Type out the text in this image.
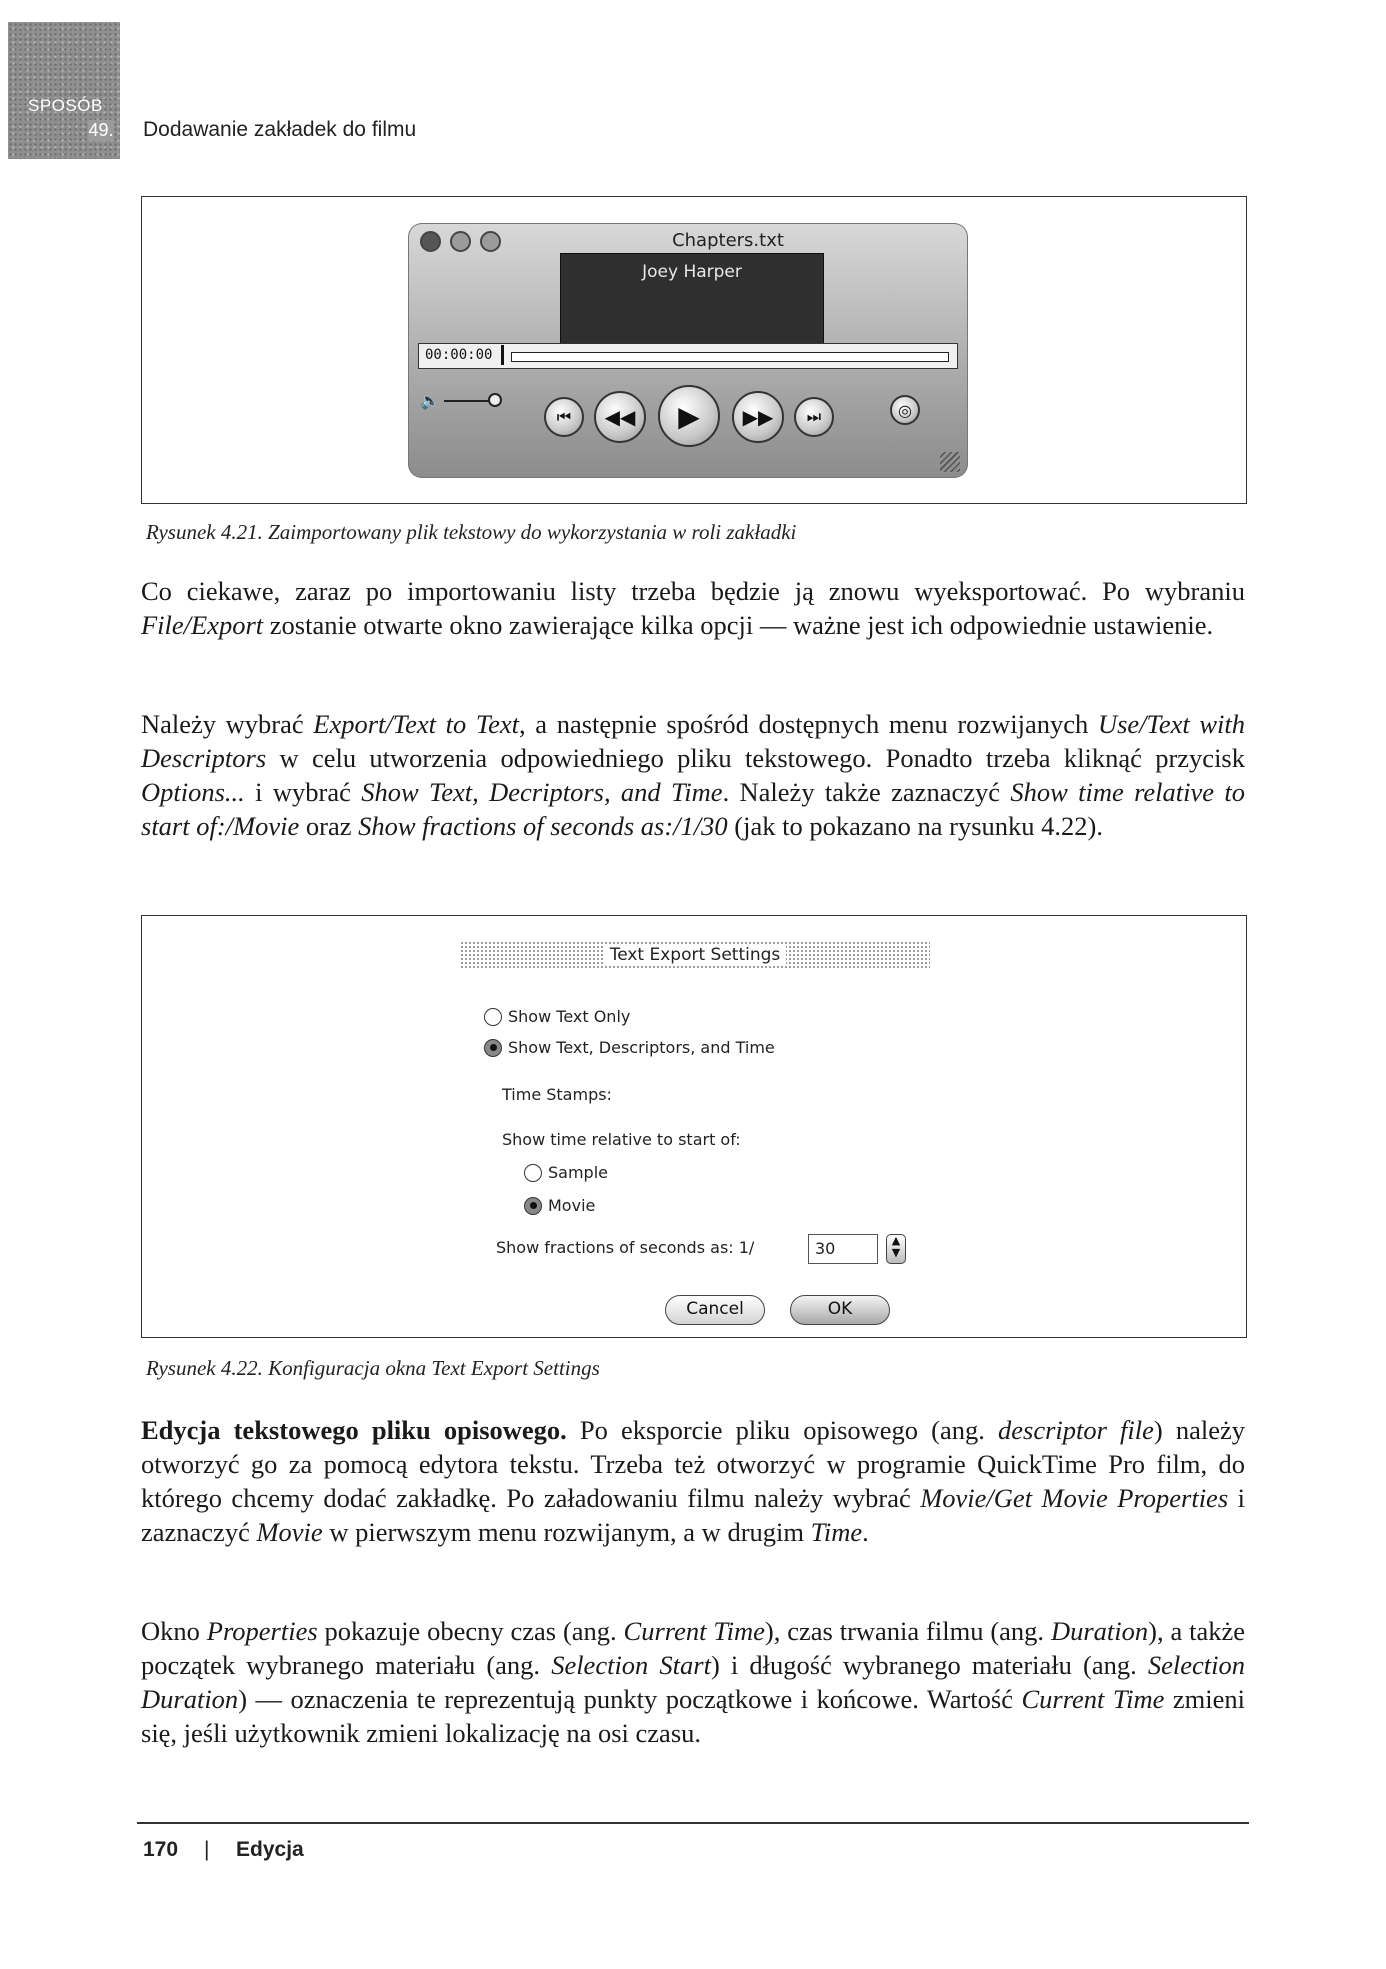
SPOSÓB
49. Dodawanie zakładek do filmu
Chapters.txt
Joey Harper
00:00:00
🔈
⏮	◀◀	▶	▶▶	⏭	◎
Rysunek 4.21. Zaimportowany plik tekstowy do wykorzystania w roli zakładki

Co ciekawe, zaraz po importowaniu listy trzeba będzie ją znowu wyeksportować. Po wybraniu File/Export zostanie otwarte okno zawierające kilka opcji — ważne jest ich odpowiednie ustawienie.

Należy wybrać Export/Text to Text, a następnie spośród dostępnych menu rozwijanych Use/Text with Descriptors w celu utworzenia odpowiedniego pliku tekstowego. Ponadto trzeba kliknąć przycisk Options... i wybrać Show Text, Decriptors, and Time. Należy także zaznaczyć Show time relative to start of:/Movie oraz Show fractions of seconds as:/1/30 (jak to pokazano na rysunku 4.22).

Text Export Settings
Show Text Only
Show Text, Descriptors, and Time
Time Stamps:
Show time relative to start of:
Sample
Movie
Show fractions of seconds as: 1/	30	▲
▼
Cancel	OK
Rysunek 4.22. Konfiguracja okna Text Export Settings

Edycja tekstowego pliku opisowego. Po eksporcie pliku opisowego (ang. descriptor file) należy otworzyć go za pomocą edytora tekstu. Trzeba też otworzyć w programie QuickTime Pro film, do którego chcemy dodać zakładkę. Po załadowaniu filmu należy wybrać Movie/Get Movie Properties i zaznaczyć Movie w pierwszym menu rozwijanym, a w drugim Time.

Okno Properties pokazuje obecny czas (ang. Current Time), czas trwania filmu (ang. Duration), a także początek wybranego materiału (ang. Selection Start) i długość wybranego materiału (ang. Selection Duration) — oznaczenia te reprezentują punkty początkowe i końcowe. Wartość Current Time zmieni się, jeśli użytkownik zmieni lokalizację na osi czasu.

170 | Edycja
